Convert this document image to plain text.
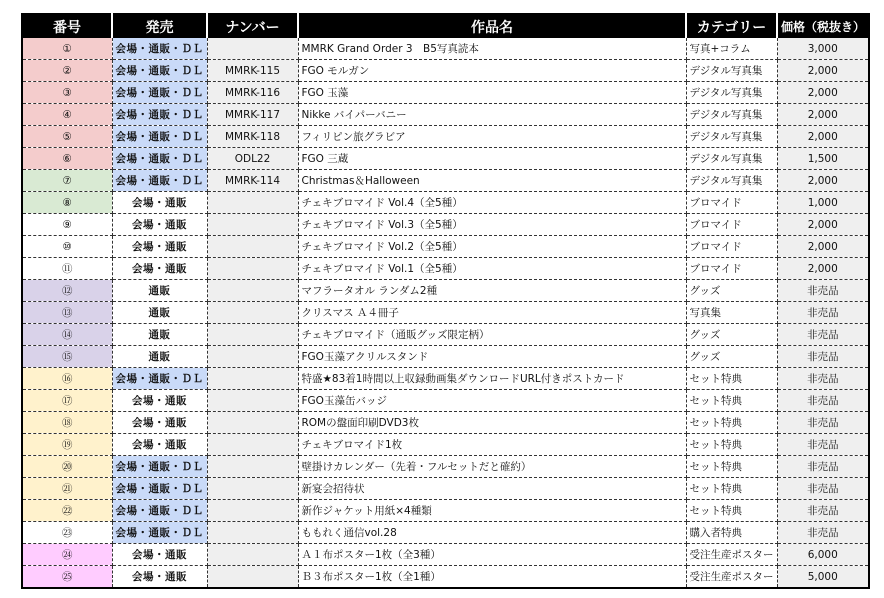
番号	発売	ナンバー	作品名	カテゴリー	価格（税抜き）
①	会場・通販・ＤＬ		MMRK Grand Order 3　B5写真読本	写真+コラム	3,000
②	会場・通販・ＤＬ	MMRK-115	FGO モルガン	デジタル写真集	2,000
③	会場・通販・ＤＬ	MMRK-116	FGO 玉藻	デジタル写真集	2,000
④	会場・通販・ＤＬ	MMRK-117	Nikke バイパーバニー	デジタル写真集	2,000
⑤	会場・通販・ＤＬ	MMRK-118	フィリピン旅グラビア	デジタル写真集	2,000
⑥	会場・通販・ＤＬ	ODL22	FGO 三蔵	デジタル写真集	1,500
⑦	会場・通販・ＤＬ	MMRK-114	Christmas＆Halloween	デジタル写真集	2,000
⑧	会場・通販		チェキブロマイド Vol.4（全5種）	ブロマイド	1,000
⑨	会場・通販		チェキブロマイド Vol.3（全5種）	ブロマイド	2,000
⑩	会場・通販		チェキブロマイド Vol.2（全5種）	ブロマイド	2,000
⑪	会場・通販		チェキブロマイド Vol.1（全5種）	ブロマイド	2,000
⑫	通販		マフラータオル ランダム2種	グッズ	非売品
⑬	通販		クリスマス Ａ４冊子	写真集	非売品
⑭	通販		チェキブロマイド（通販グッズ限定柄）	グッズ	非売品
⑮	通販		FGO玉藻アクリルスタンド	グッズ	非売品
⑯	会場・通販・ＤＬ		特盛★83着1時間以上収録動画集ダウンロードURL付きポストカード	セット特典	非売品
⑰	会場・通販		FGO玉藻缶バッジ	セット特典	非売品
⑱	会場・通販		ROMの盤面印刷DVD3枚	セット特典	非売品
⑲	会場・通販		チェキブロマイド1枚	セット特典	非売品
⑳	会場・通販・ＤＬ		壁掛けカレンダー（先着・フルセットだと確約）	セット特典	非売品
㉑	会場・通販・ＤＬ		新宴会招待状	セット特典	非売品
㉒	会場・通販・ＤＬ		新作ジャケット用紙×4種類	セット特典	非売品
㉓	会場・通販・ＤＬ		ももれく通信vol.28	購入者特典	非売品
㉔	会場・通販		Ａ１布ポスター1枚（全3種）	受注生産ポスター	6,000
㉕	会場・通販		Ｂ３布ポスター1枚（全1種）	受注生産ポスター	5,000
